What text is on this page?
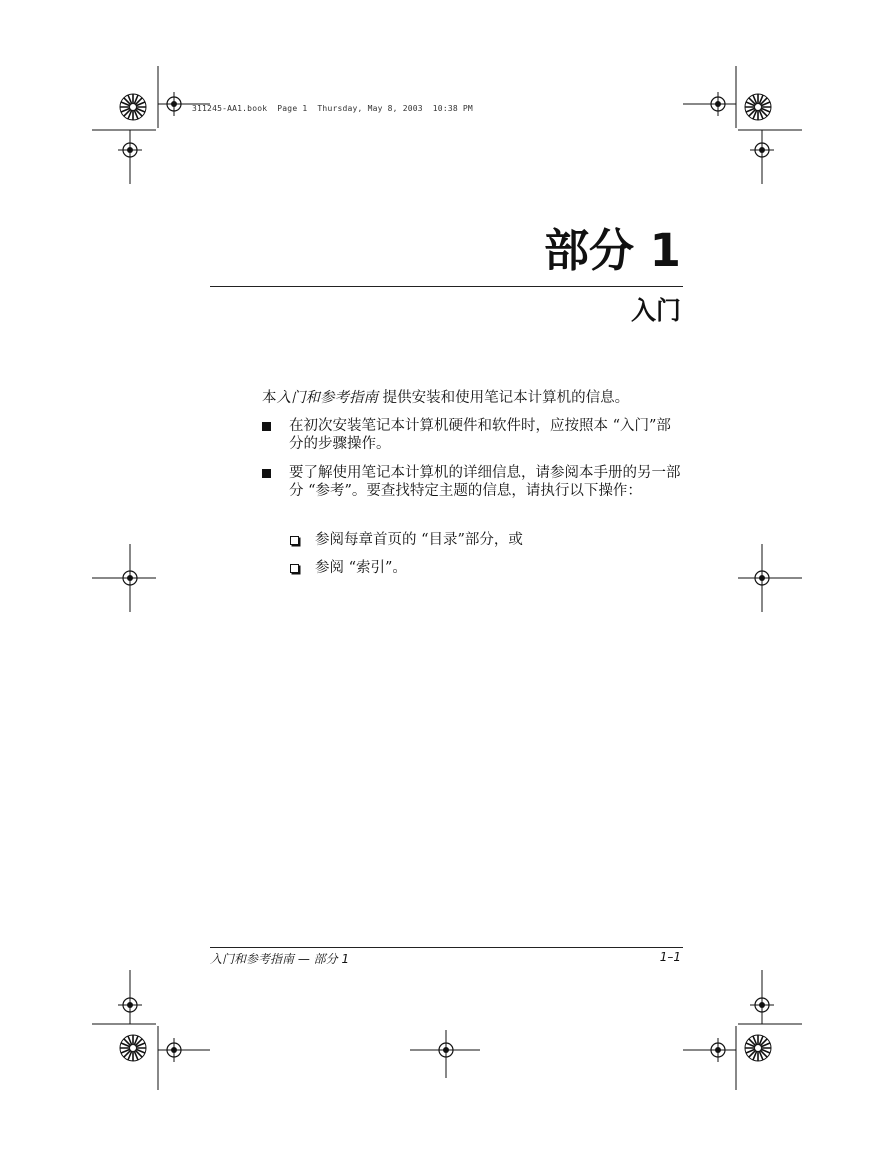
311245-AA1.book  Page 1  Thursday, May 8, 2003  10:38 PM
部分 1
入门
本入门和参考指南 提供安装和使用笔记本计算机的信息。
在初次安装笔记本计算机硬件和软件时，应按照本 “入门”部分的步骤操作。
要了解使用笔记本计算机的详细信息，请参阅本手册的另一部分 “参考”。要查找特定主题的信息，请执行以下操作：
参阅每章首页的 “目录”部分，或
参阅 “索引”。
入门和参考指南 — 部分 1	1–1
